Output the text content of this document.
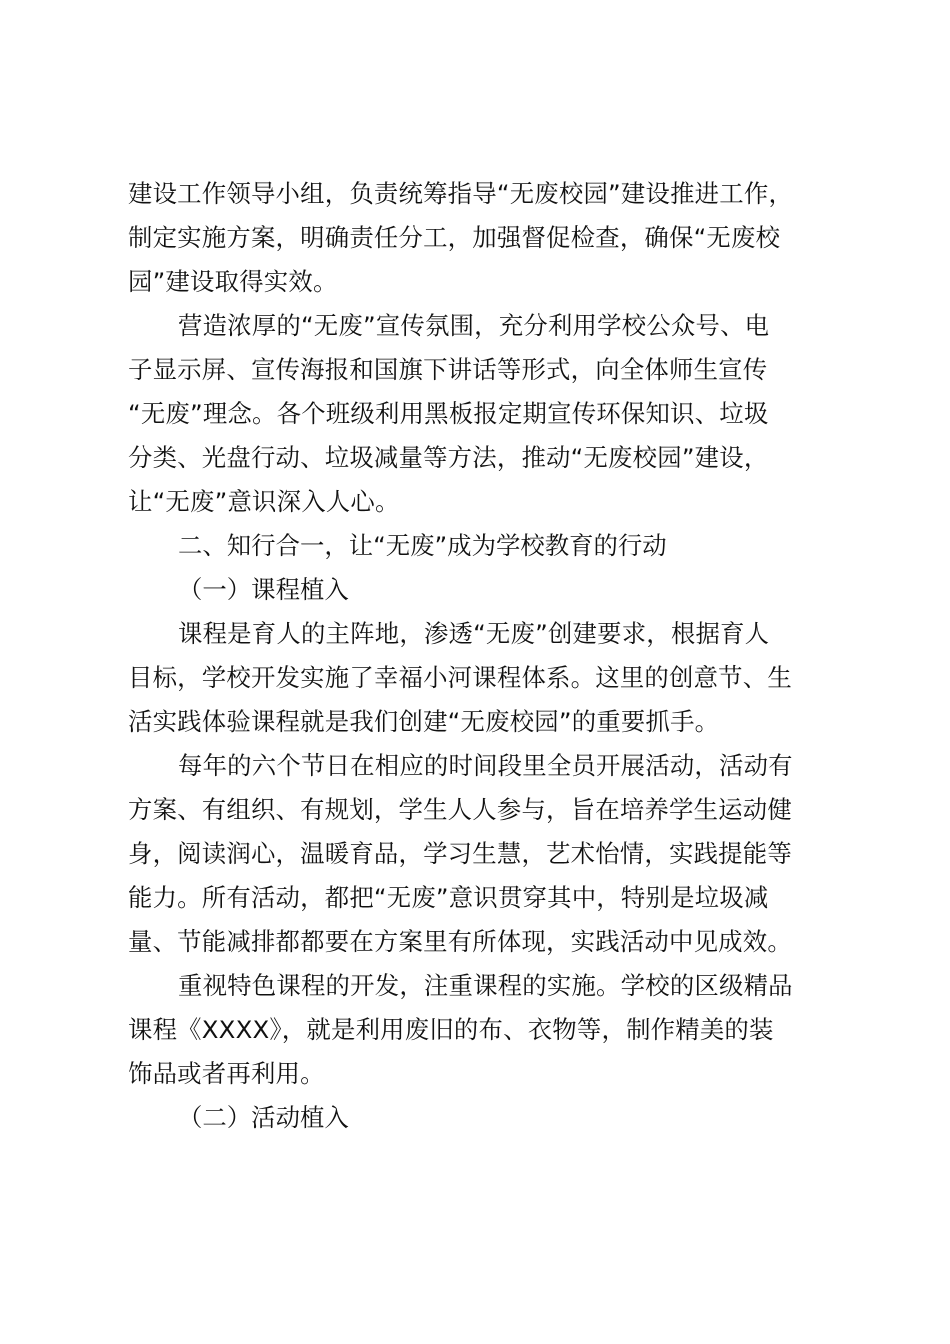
建设工作领导小组，负责统筹指导“无废校园”建设推进工作，
制定实施方案，明确责任分工，加强督促检查，确保“无废校
园”建设取得实效。

营造浓厚的“无废”宣传氛围，充分利用学校公众号、电
子显示屏、宣传海报和国旗下讲话等形式，向全体师生宣传
“无废”理念。各个班级利用黑板报定期宣传环保知识、垃圾
分类、光盘行动、垃圾减量等方法，推动“无废校园”建设，
让“无废”意识深入人心。

二、知行合一，让“无废”成为学校教育的行动

（一）课程植入

课程是育人的主阵地，渗透“无废”创建要求，根据育人
目标，学校开发实施了幸福小河课程体系。这里的创意节、生
活实践体验课程就是我们创建“无废校园”的重要抓手。

每年的六个节日在相应的时间段里全员开展活动，活动有
方案、有组织、有规划，学生人人参与，旨在培养学生运动健
身，阅读润心，温暖育品，学习生慧，艺术怡情，实践提能等
能力。所有活动，都把“无废”意识贯穿其中，特别是垃圾减
量、节能减排都都要在方案里有所体现，实践活动中见成效。

重视特色课程的开发，注重课程的实施。学校的区级精品
课程《XXXX》，就是利用废旧的布、衣物等，制作精美的装
饰品或者再利用。

（二）活动植入
